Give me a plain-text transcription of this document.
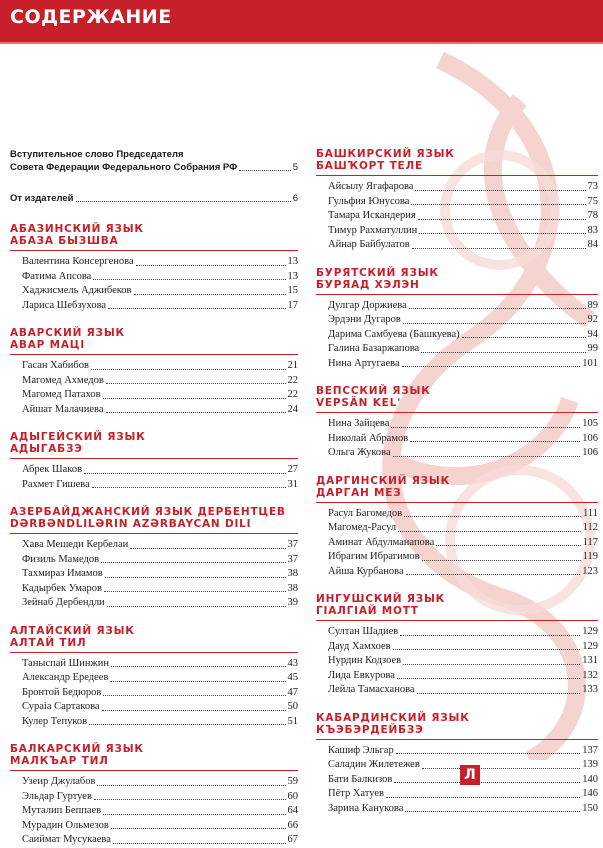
СОДЕРЖАНИЕ
Вступительное слово Председателя
Совета Федерации Федерального Собрания РФ	5
От издателей	6
АБАЗИНСКИЙ ЯЗЫК
АБАЗА БЫЗШВА
Валентина Консергенова	13
Фатима Апсова	13
Хаджисмель Аджибеков	15
Лариса Шебзухова	17
АВАРСКИЙ ЯЗЫК
АВАР МАЦІ
Гасан Хабибов	21
Магомед Ахмедов	22
Магомед Патахов	22
Айшат Малачиева	24
АДЫГЕЙСКИЙ ЯЗЫК
АДЫГАБЗЭ
Абрек Шаков	27
Рахмет Гишева	31
АЗЕРБАЙДЖАНСКИЙ ЯЗЫК ДЕРБЕНТЦЕВ
DƏRBƏNDLILƏRIN AZƏRBAYCAN DILI
Хава Мешеди Кербелаи	37
Физиль Мамедов	37
Тахмираз Имамов	38
Кадырбек Умаров	38
Зейнаб Дербендли	39
АЛТАЙСКИЙ ЯЗЫК
АЛТАЙ ТИЛ
Таныспай Шинжин	43
Александр Ередеев	45
Бронтой Бедюров	47
Сураiа Сартакова	50
Кулер Тепуков	51
БАЛКАРСКИЙ ЯЗЫК
МАЛКЪАР ТИЛ
Узеир Джулабов	59
Эльдар Гуртуев	60
Муталип Беппаев	64
Мурадин Ольмезов	66
Саиймат Мусукаева	67
БАШКИРСКИЙ ЯЗЫК
БАШҠОРТ ТЕЛЕ
Айсылу Ягафарова	73
Гульфия Юнусова	75
Тамара Искандерия	78
Тимур Рахматуллин	83
Айнар Байбулатов	84
БУРЯТСКИЙ ЯЗЫК
БУРЯАД ХЭЛЭН
Дулгар Доржиева	89
Эрдэни Дугаров	92
Дарима Самбуева (Башкуева)	94
Галина Базаржапова	99
Нина Артугаева	101
ВЕПССКИЙ ЯЗЫК
VEPSÄN KEL'
Нина Зайцева	105
Николай Абрамов	106
Ольга Жукова	106
ДАРГИНСКИЙ ЯЗЫК
ДАРГАН МЕЗ
Расул Багомедов	111
Магомед-Расул	112
Аминат Абдулманапова	117
Ибрагим Ибрагимов	119
Айша Курбанова	123
ИНГУШСКИЙ ЯЗЫК
ГІАЛГІАЙ МОТТ
Султан Шадиев	129
Дауд Хамхоев	129
Нурдин Кодзоев	131
Лида Евкурова	132
Лейла Тамасханова	133
КАБАРДИНСКИЙ ЯЗЫК
КЪЭБЭРДЕЙБЗЭ
Кашиф Эльгар	137
Саладин Жилетежев	139
Бати Балкизов	140
Пётр Хатуев	146
Зарина Канукова	150
Л
